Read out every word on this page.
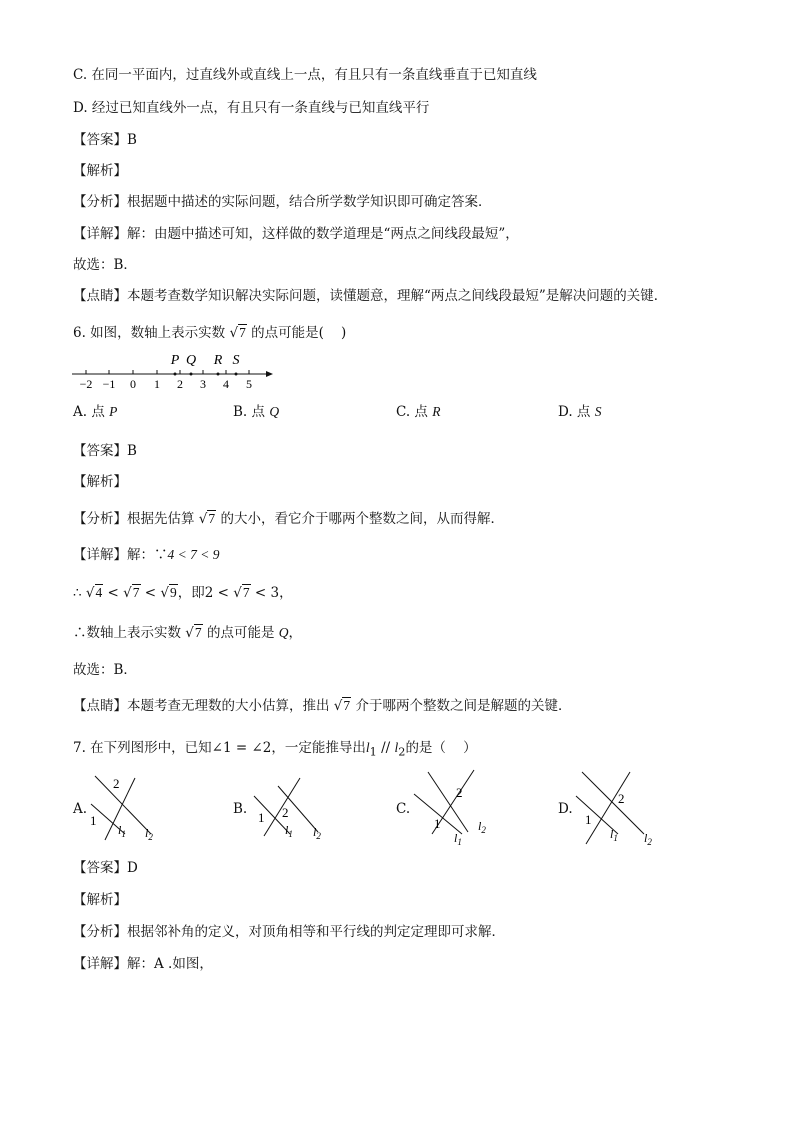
C. 在同一平面内，过直线外或直线上一点，有且只有一条直线垂直于已知直线
D. 经过已知直线外一点，有且只有一条直线与已知直线平行
【答案】B
【解析】
【分析】根据题中描述的实际问题，结合所学数学知识即可确定答案．
【详解】解：由题中描述可知，这样做的数学道理是“两点之间线段最短”，
故选：B．
【点睛】本题考查数学知识解决实际问题，读懂题意，理解“两点之间线段最短”是解决问题的关键．
6. 如图，数轴上表示实数 √7 的点可能是(    )
−2 −1 0 1 2 3 4 5
P Q R S
A. 点 P	B. 点 Q	C. 点 R	D. 点 S
【答案】B
【解析】
【分析】根据先估算 √7 的大小，看它介于哪两个整数之间，从而得解．
【详解】解：∵4 < 7 < 9
∴ √4 < √7 < √9，即2 < √7 < 3，
∴数轴上表示实数 √7 的点可能是 Q，
故选：B．
【点睛】本题考查无理数的大小估算，推出 √7 介于哪两个整数之间是解题的关键．
7. 在下列图形中，已知∠1 = ∠2，一定能推导出$l_1 // l_2$的是（    ）
A.
2
1
$l_1$ $l_2$
B.	2
1
$l_1$ $l_2$
C.
2
1
$l_1$
$l_2$
D.
2
1
$l_1$ $l_2$
【答案】D
【解析】
【分析】根据邻补角的定义，对顶角相等和平行线的判定定理即可求解．
【详解】解：A .如图，
